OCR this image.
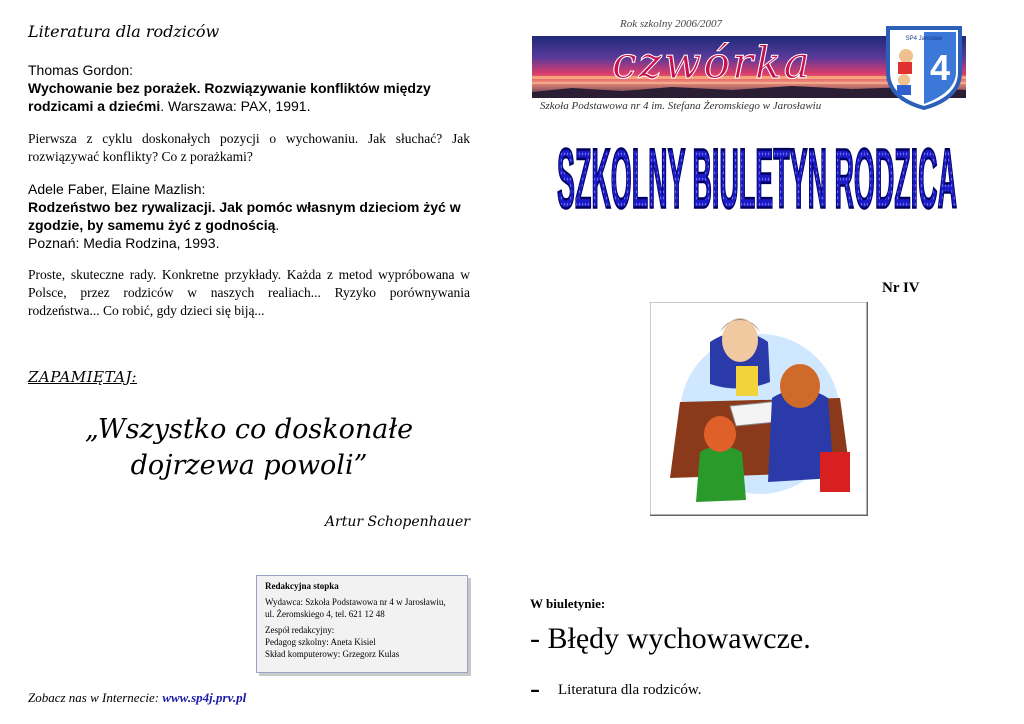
Literatura dla rodziców
Thomas Gordon:
Wychowanie bez porażek. Rozwiązywanie konfliktów między rodzicami a dziećmi. Warszawa: PAX, 1991.
Pierwsza z cyklu doskonałych pozycji o wychowaniu. Jak słuchać? Jak rozwiązywać konflikty? Co z porażkami?
Adele Faber, Elaine Mazlish:
Rodzeństwo bez rywalizacji. Jak pomóc własnym dzieciom żyć w zgodzie, by samemu żyć z godnością.
Poznań: Media Rodzina, 1993.
Proste, skuteczne rady. Konkretne przykłady. Każda z metod wypróbowana w Polsce, przez rodziców w naszych realiach... Ryzyko porównywania rodzeństwa... Co robić, gdy dzieci się biją...
ZAPAMIĘTAJ:
„Wszystko co doskonałe dojrzewa powoli”
Artur Schopenhauer
Redakcyjna stopka
Wydawca: Szkoła Podstawowa nr 4 w Jarosławiu,
ul. Żeromskiego 4, tel. 621 12 48
Zespół redakcyjny:
Pedagog szkolny: Aneta Kisiel
Skład komputerowy: Grzegorz Kulas
Zobacz nas w Internecie: www.sp4j.prv.pl
Rok szkolny 2006/2007
czwórka	4
SP4 Jarosław
Szkoła Podstawowa nr 4 im. Stefana Żeromskiego w Jarosławiu
SZKOLNY BIULETYN RODZICA
Nr IV
W biuletynie:
- Błędy wychowawcze.
- Literatura dla rodziców.
